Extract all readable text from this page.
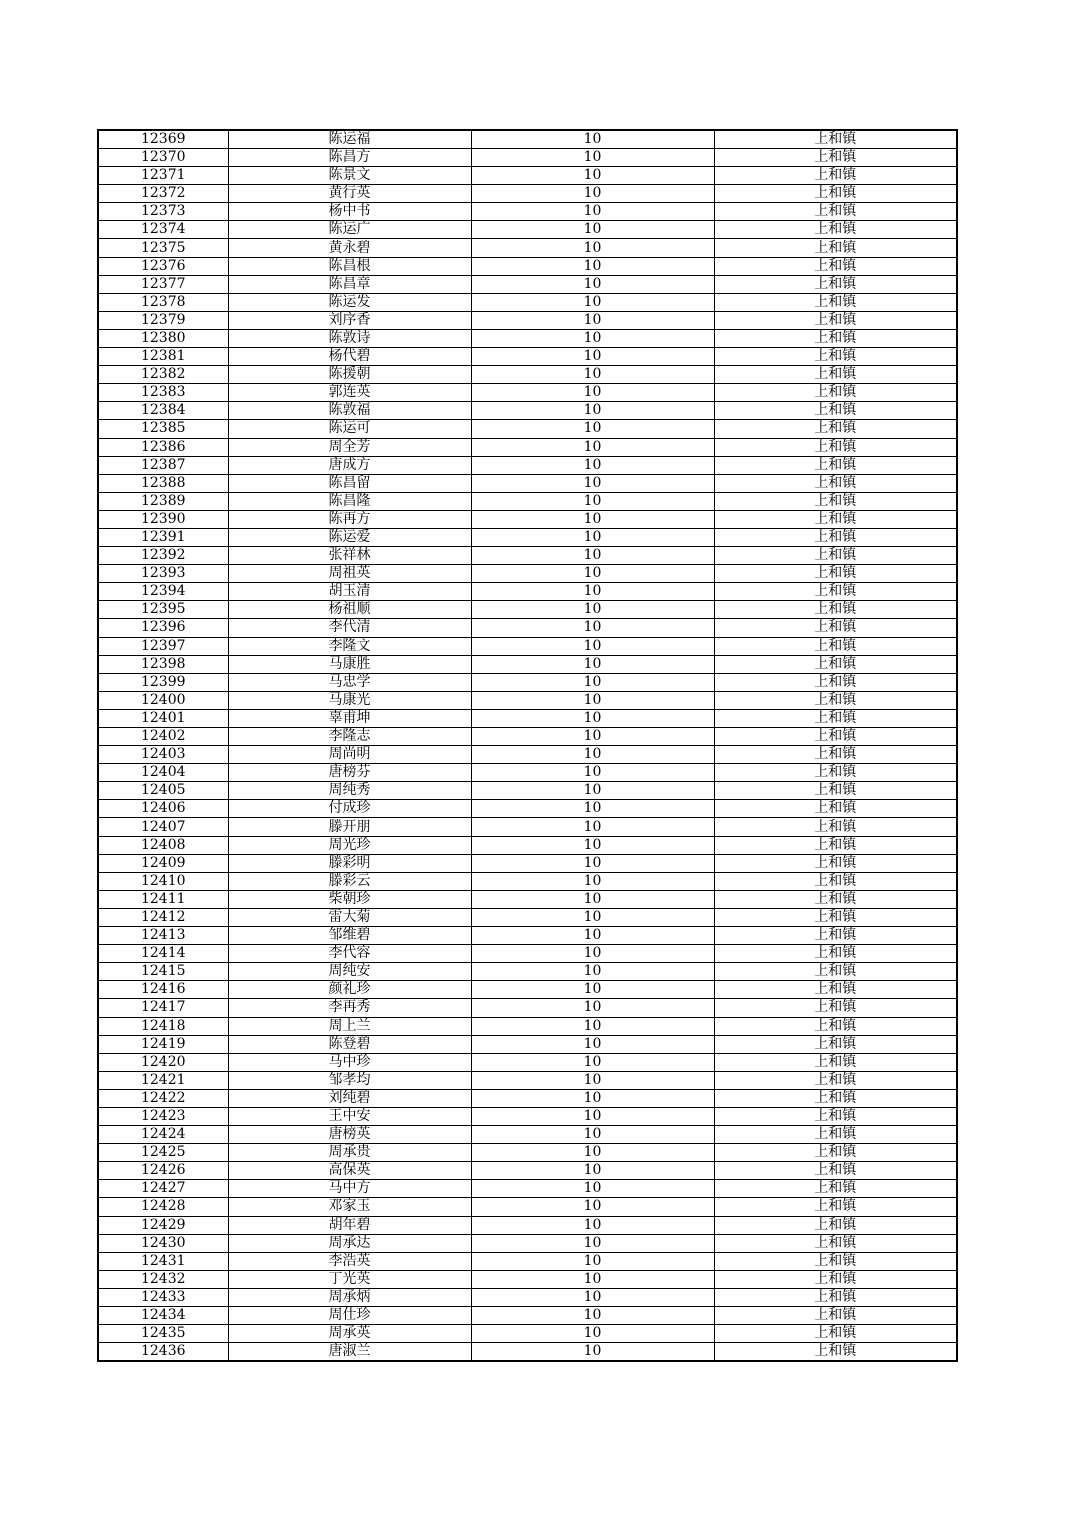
12369	陈运福	10	上和镇
12370	陈昌方	10	上和镇
12371	陈景文	10	上和镇
12372	黄行英	10	上和镇
12373	杨中书	10	上和镇
12374	陈运广	10	上和镇
12375	黄永碧	10	上和镇
12376	陈昌根	10	上和镇
12377	陈昌章	10	上和镇
12378	陈运发	10	上和镇
12379	刘序香	10	上和镇
12380	陈敦诗	10	上和镇
12381	杨代碧	10	上和镇
12382	陈援朝	10	上和镇
12383	郭连英	10	上和镇
12384	陈敦福	10	上和镇
12385	陈运可	10	上和镇
12386	周全芳	10	上和镇
12387	唐成方	10	上和镇
12388	陈昌留	10	上和镇
12389	陈昌隆	10	上和镇
12390	陈再方	10	上和镇
12391	陈运爱	10	上和镇
12392	张祥林	10	上和镇
12393	周祖英	10	上和镇
12394	胡玉清	10	上和镇
12395	杨祖顺	10	上和镇
12396	李代清	10	上和镇
12397	李隆文	10	上和镇
12398	马康胜	10	上和镇
12399	马忠学	10	上和镇
12400	马康光	10	上和镇
12401	辜甫坤	10	上和镇
12402	李隆志	10	上和镇
12403	周尚明	10	上和镇
12404	唐榜芬	10	上和镇
12405	周纯秀	10	上和镇
12406	付成珍	10	上和镇
12407	滕开朋	10	上和镇
12408	周光珍	10	上和镇
12409	滕彩明	10	上和镇
12410	滕彩云	10	上和镇
12411	柴朝珍	10	上和镇
12412	雷大菊	10	上和镇
12413	邹维碧	10	上和镇
12414	李代容	10	上和镇
12415	周纯安	10	上和镇
12416	颜礼珍	10	上和镇
12417	李再秀	10	上和镇
12418	周上兰	10	上和镇
12419	陈登碧	10	上和镇
12420	马中珍	10	上和镇
12421	邹孝均	10	上和镇
12422	刘纯碧	10	上和镇
12423	王中安	10	上和镇
12424	唐榜英	10	上和镇
12425	周承贵	10	上和镇
12426	高保英	10	上和镇
12427	马中方	10	上和镇
12428	邓家玉	10	上和镇
12429	胡年碧	10	上和镇
12430	周承达	10	上和镇
12431	李浩英	10	上和镇
12432	丁光英	10	上和镇
12433	周承炳	10	上和镇
12434	周仕珍	10	上和镇
12435	周承英	10	上和镇
12436	唐淑兰	10	上和镇
